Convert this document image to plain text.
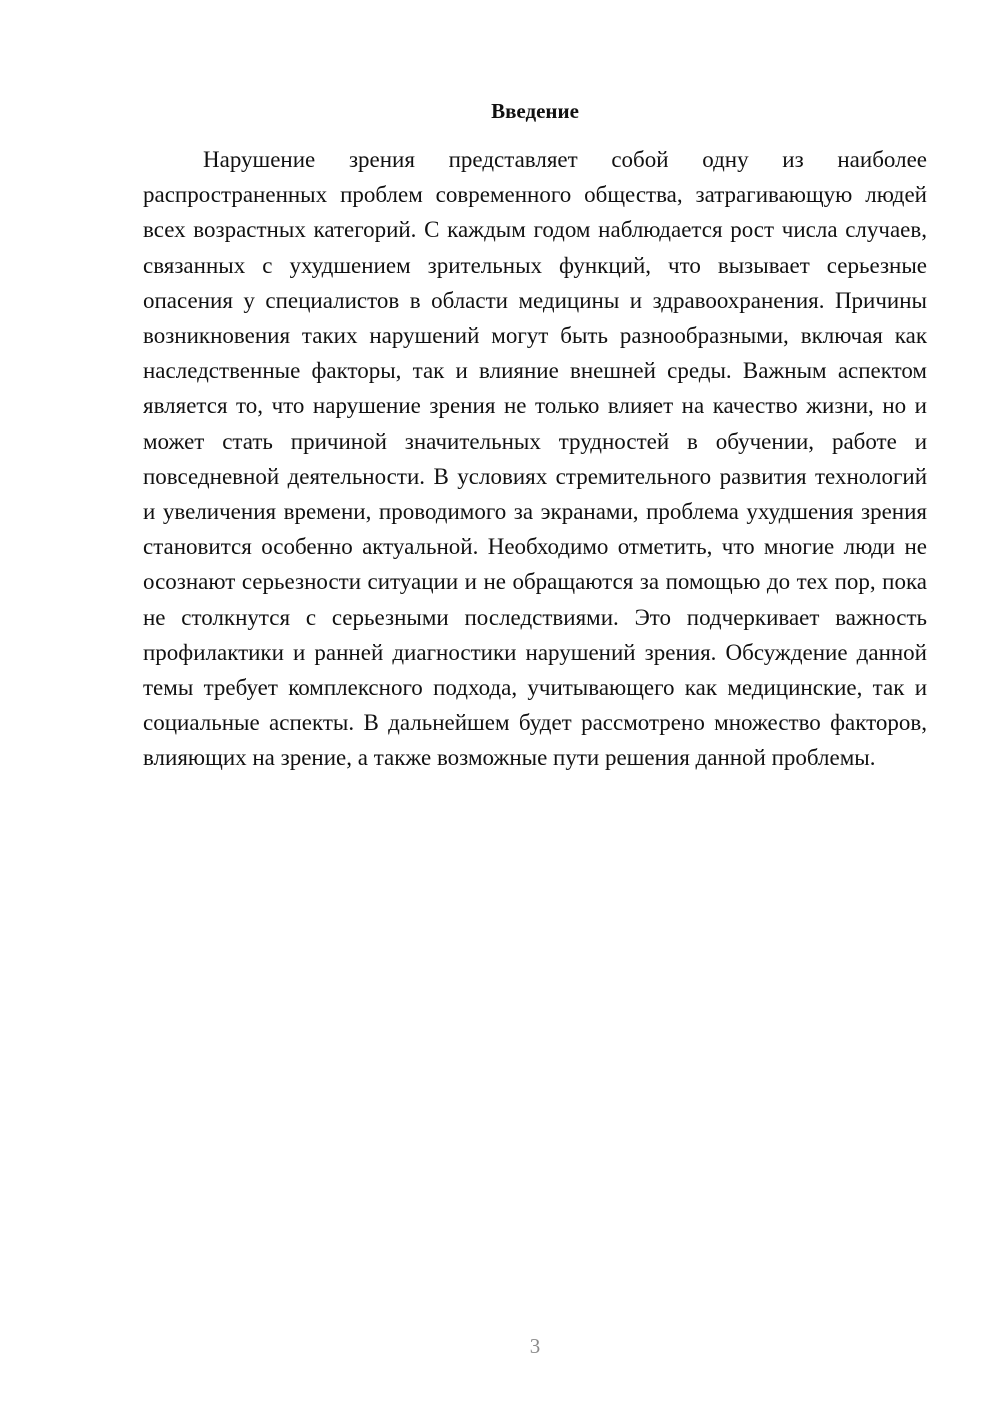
Введение

Нарушение зрения представляет собой одну из наиболее распространенных проблем современного общества, затрагивающую людей всех возрастных категорий. С каждым годом наблюдается рост числа случаев, связанных с ухудшением зрительных функций, что вызывает серьезные опасения у специалистов в области медицины и здравоохранения. Причины возникновения таких нарушений могут быть разнообразными, включая как наследственные факторы, так и влияние внешней среды. Важным аспектом является то, что нарушение зрения не только влияет на качество жизни, но и может стать причиной значительных трудностей в обучении, работе и повседневной деятельности. В условиях стремительного развития технологий и увеличения времени, проводимого за экранами, проблема ухудшения зрения становится особенно актуальной. Необходимо отметить, что многие люди не осознают серьезности ситуации и не обращаются за помощью до тех пор, пока не столкнутся с серьезными последствиями. Это подчеркивает важность профилактики и ранней диагностики нарушений зрения. Обсуждение данной темы требует комплексного подхода, учитывающего как медицинские, так и социальные аспекты. В дальнейшем будет рассмотрено множество факторов, влияющих на зрение, а также возможные пути решения данной проблемы.

3
